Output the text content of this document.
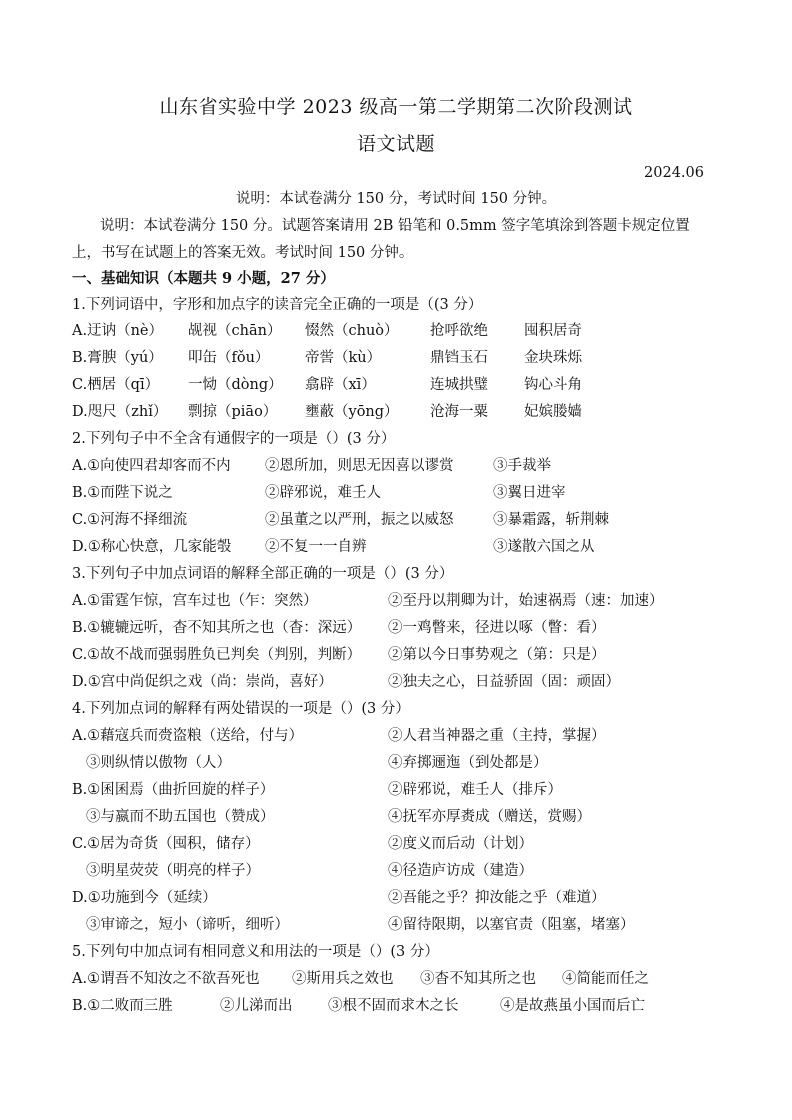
山东省实验中学 2023 级高一第二学期第二次阶段测试
语文试题
2024.06
说明：本试卷满分 150 分，考试时间 150 分钟。
说明：本试卷满分 150 分。试题答案请用 2B 铅笔和 0.5mm 签字笔填涂到答题卡规定位置
上，书写在试题上的答案无效。考试时间 150 分钟。
一、基础知识（本题共 9 小题，27 分）
1.下列词语中，字形和加点字的读音完全正确的一项是（(3 分）
A.迂讷（nè） 觇视（chān） 惙然（chuò） 抢呼欲绝 囤积居奇
B.膏腴（yú） 叩缶（fǒu） 帝喾（kù）	鼎铛玉石 金块珠烁
C.栖居（qī） 一恸（dòng） 翕辟（xī）	连城拱璧 钩心斗角
D.咫尺（zhǐ） 剽掠（piāo） 壅蔽（yōng） 沧海一粟 妃嫔媵嫱
2.下列句子中不全含有通假字的一项是（）(3 分）
A.①向使四君却客而不内 ②恩所加，则思无因喜以谬赏	③手裁举
B.①而陛下说之	②辟邪说，难壬人	③翼日进宰
C.①河海不择细流	②虽董之以严刑，振之以威怒	③暴霜露，斩荆棘
D.①称心快意，几家能彀 ②不复一一自辨	③遂散六国之从
3.下列句子中加点词语的解释全部正确的一项是（）(3 分）
A.①雷霆乍惊，宫车过也（乍：突然）	②至丹以荆卿为计，始速祸焉（速：加速）
B.①辘辘远听，杳不知其所之也（杳：深远） ②一鸡瞥来，径进以啄（瞥：看）
C.①故不战而强弱胜负已判矣（判别，判断） ②第以今日事势观之（第：只是）
D.①宫中尚促织之戏（尚：崇尚，喜好）	②独夫之心，日益骄固（固：顽固）
4.下列加点词的解释有两处错误的一项是（）(3 分）
A.①藉寇兵而赍盗粮（送给，付与）	②人君当神器之重（主持，掌握）
③则纵情以傲物（人）	④弃掷逦迤（到处都是）
B.①囷囷焉（曲折回旋的样子）	②辟邪说，难壬人（排斥）
③与嬴而不助五国也（赞成）	④抚军亦厚赉成（赠送，赏赐）
C.①居为奇货（囤积，储存）	②度义而后动（计划）
③明星荧荧（明亮的样子）	④径造庐访成（建造）
D.①功施到今（延续）	②吾能之乎？抑汝能之乎（难道）
③审谛之，短小（谛听，细听）	④留待限期，以塞官责（阻塞，堵塞）
5.下列句中加点词有相同意义和用法的一项是（）(3 分）
A.①谓吾不知汝之不欲吾死也 ②斯用兵之效也 ③杳不知其所之也 ④简能而任之
B.①二败而三胜	②儿涕而出 ③根不固而求木之长	④是故燕虽小国而后亡
